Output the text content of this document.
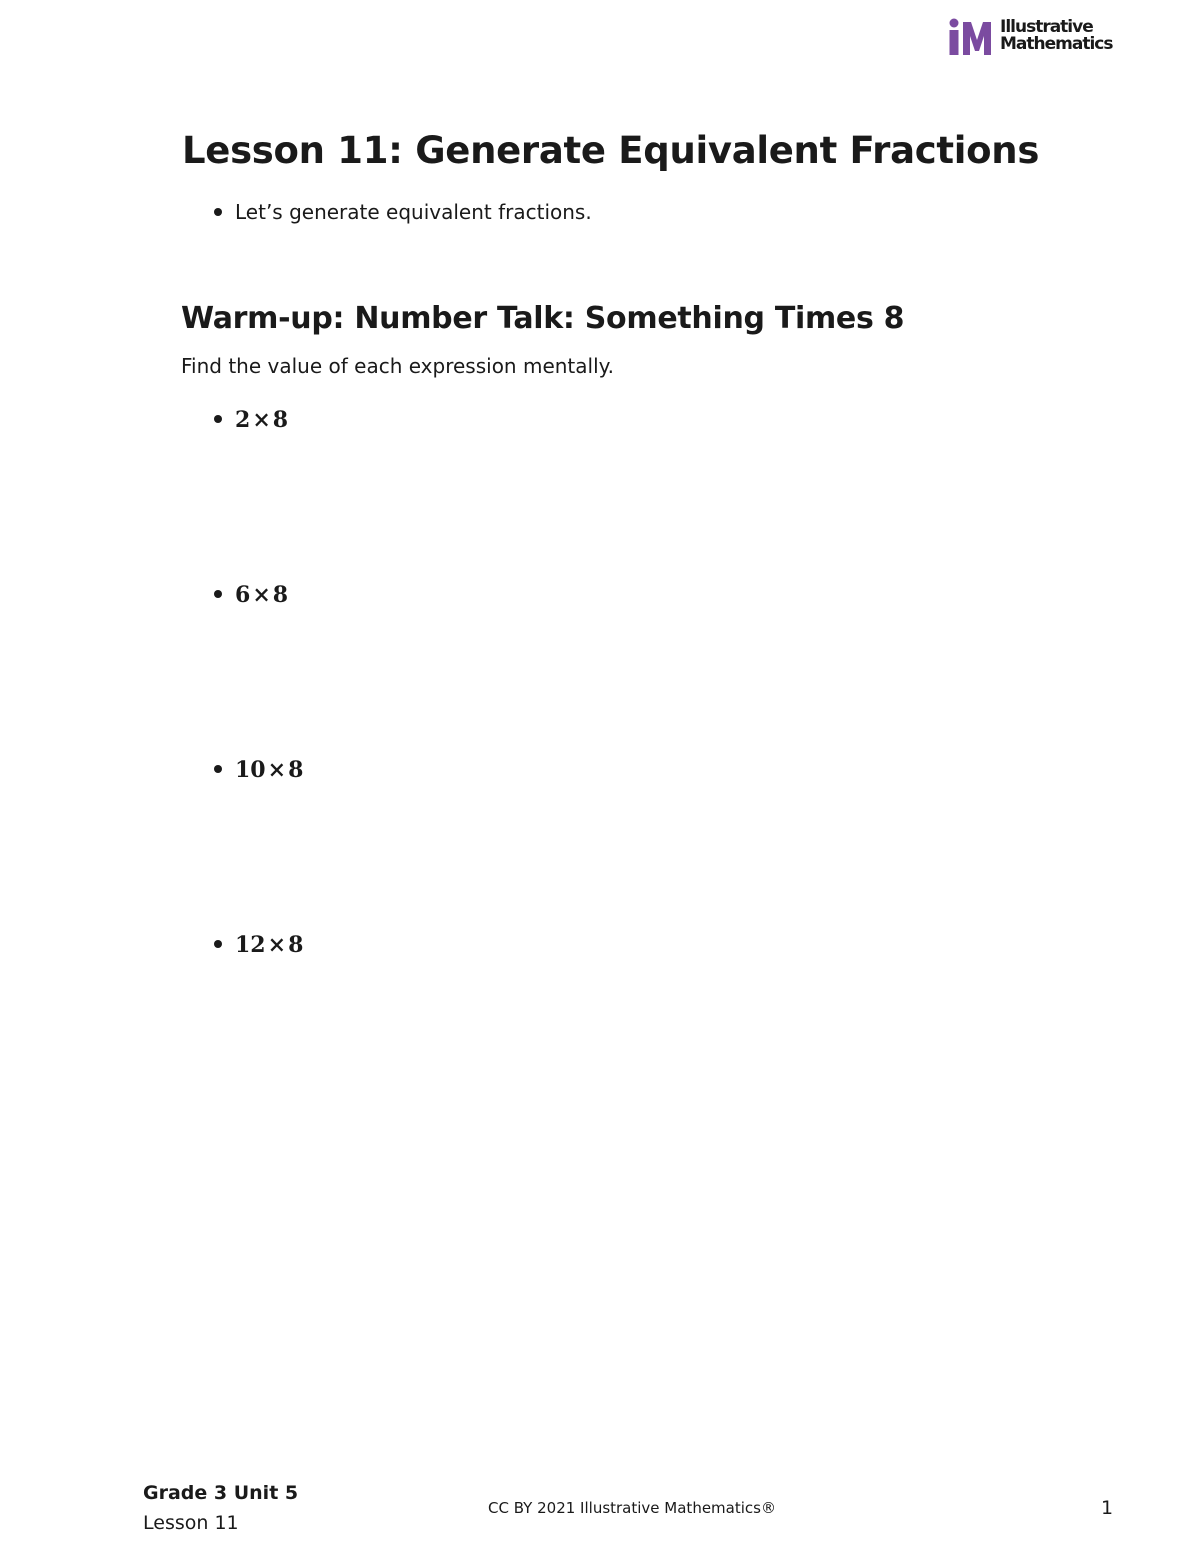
Illustrative
Mathematics
Lesson 11: Generate Equivalent Fractions
Let’s generate equivalent fractions.
Warm-up: Number Talk: Something Times 8
Find the value of each expression mentally.
2×8
6×8
10×8
12×8
Grade 3 Unit 5
Lesson 11
CC BY 2021 Illustrative Mathematics®	1
